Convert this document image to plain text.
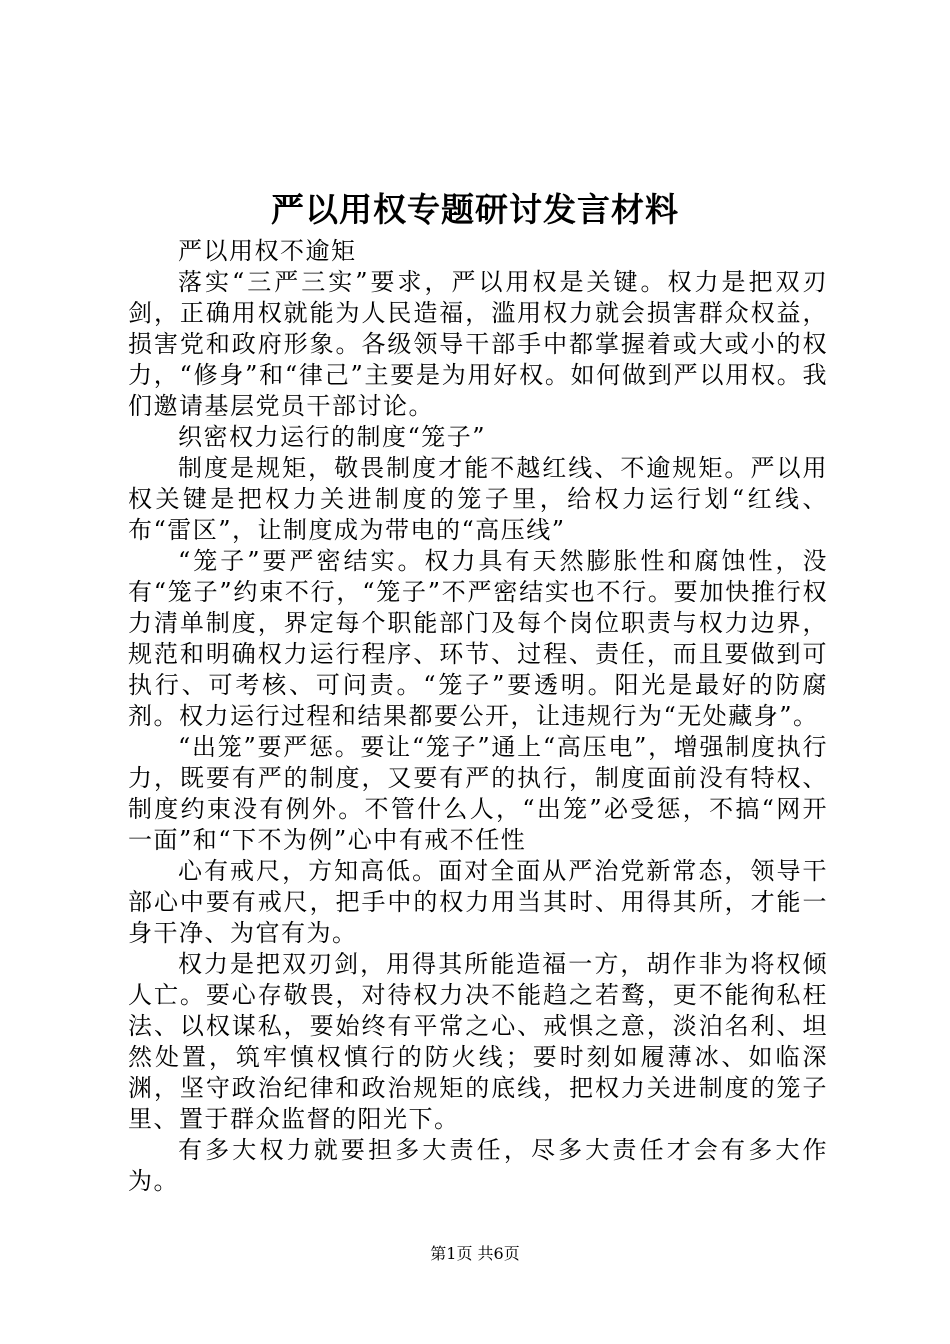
严以用权专题研讨发言材料

严以用权不逾矩

落实“三严三实”要求，严以用权是关键。权力是把双刃剑，正确用权就能为人民造福，滥用权力就会损害群众权益，损害党和政府形象。各级领导干部手中都掌握着或大或小的权力，“修身”和“律己”主要是为用好权。如何做到严以用权。我们邀请基层党员干部讨论。

织密权力运行的制度“笼子”

制度是规矩，敬畏制度才能不越红线、不逾规矩。严以用权关键是把权力关进制度的笼子里，给权力运行划“红线、布“雷区”，让制度成为带电的“高压线”

“笼子”要严密结实。权力具有天然膨胀性和腐蚀性，没有“笼子”约束不行，“笼子”不严密结实也不行。要加快推行权力清单制度，界定每个职能部门及每个岗位职责与权力边界，规范和明确权力运行程序、环节、过程、责任，而且要做到可执行、可考核、可问责。“笼子”要透明。阳光是最好的防腐剂。权力运行过程和结果都要公开，让违规行为“无处藏身”。

“出笼”要严惩。要让“笼子”通上“高压电”，增强制度执行力，既要有严的制度，又要有严的执行，制度面前没有特权、制度约束没有例外。不管什么人，“出笼”必受惩，不搞“网开一面”和“下不为例”心中有戒不任性

心有戒尺，方知高低。面对全面从严治党新常态，领导干部心中要有戒尺，把手中的权力用当其时、用得其所，才能一身干净、为官有为。

权力是把双刃剑，用得其所能造福一方，胡作非为将权倾人亡。要心存敬畏，对待权力决不能趋之若鹜，更不能徇私枉法、以权谋私，要始终有平常之心、戒惧之意，淡泊名利、坦然处置，筑牢慎权慎行的防火线；要时刻如履薄冰、如临深渊，坚守政治纪律和政治规矩的底线，把权力关进制度的笼子里、置于群众监督的阳光下。

有多大权力就要担多大责任，尽多大责任才会有多大作为。

第1页 共6页
